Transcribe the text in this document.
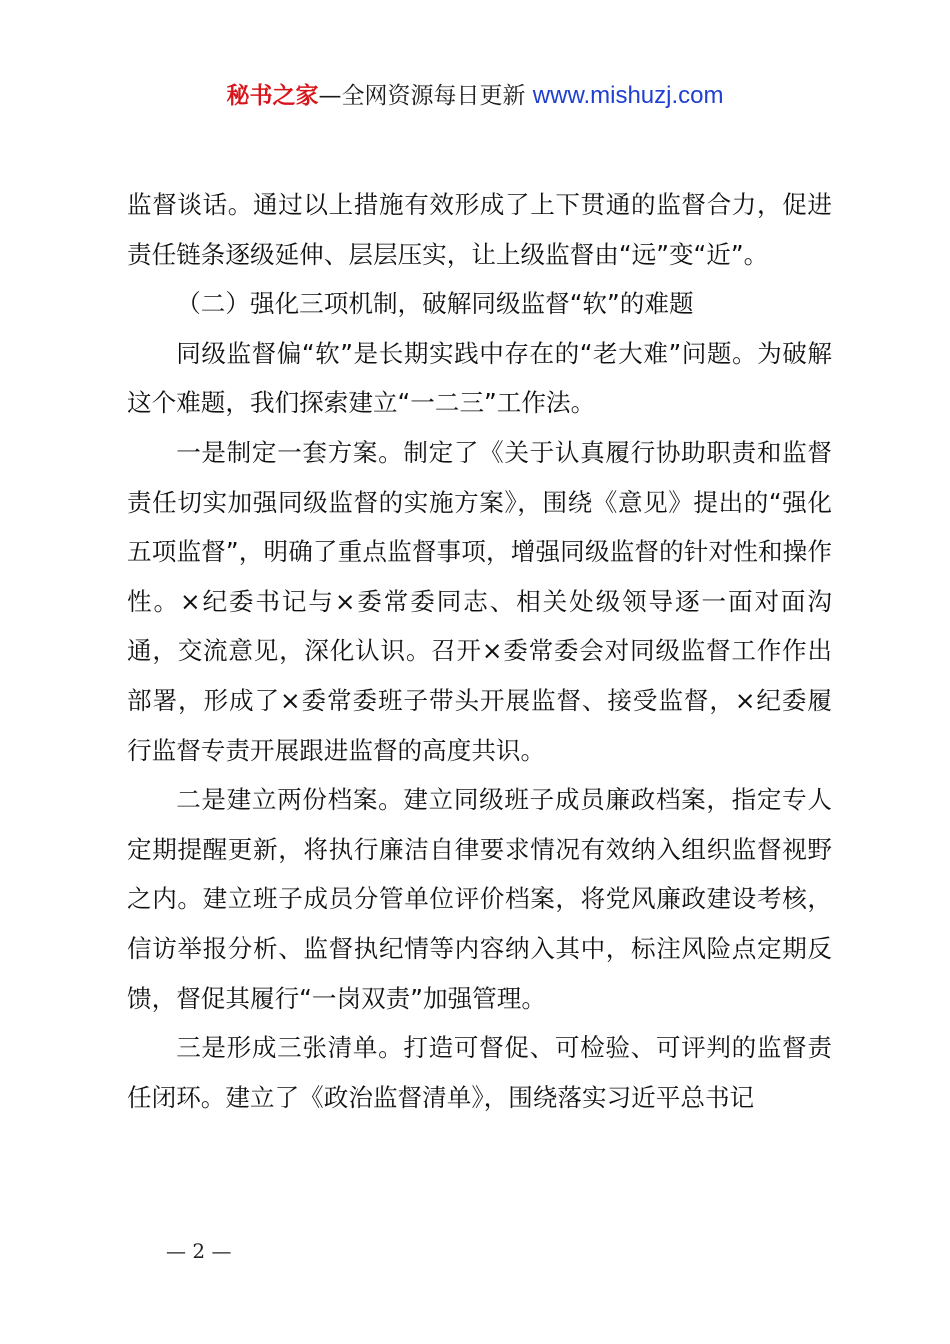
秘书之家—全网资源每日更新 www.mishuzj.com

监督谈话。通过以上措施有效形成了上下贯通的监督合力，促进责任链条逐级延伸、层层压实，让上级监督由“远”变“近”。

（二）强化三项机制，破解同级监督“软”的难题

同级监督偏“软”是长期实践中存在的“老大难”问题。为破解这个难题，我们探索建立“一二三”工作法。

一是制定一套方案。制定了《关于认真履行协助职责和监督责任切实加强同级监督的实施方案》，围绕《意见》提出的“强化五项监督”，明确了重点监督事项，增强同级监督的针对性和操作性。×纪委书记与×委常委同志、相关处级领导逐一面对面沟通，交流意见，深化认识。召开×委常委会对同级监督工作作出部署，形成了×委常委班子带头开展监督、接受监督，×纪委履行监督专责开展跟进监督的高度共识。

二是建立两份档案。建立同级班子成员廉政档案，指定专人定期提醒更新，将执行廉洁自律要求情况有效纳入组织监督视野之内。建立班子成员分管单位评价档案，将党风廉政建设考核，信访举报分析、监督执纪情等内容纳入其中，标注风险点定期反馈，督促其履行“一岗双责”加强管理。

三是形成三张清单。打造可督促、可检验、可评判的监督责任闭环。建立了《政治监督清单》，围绕落实习近平总书记

— 2 —
